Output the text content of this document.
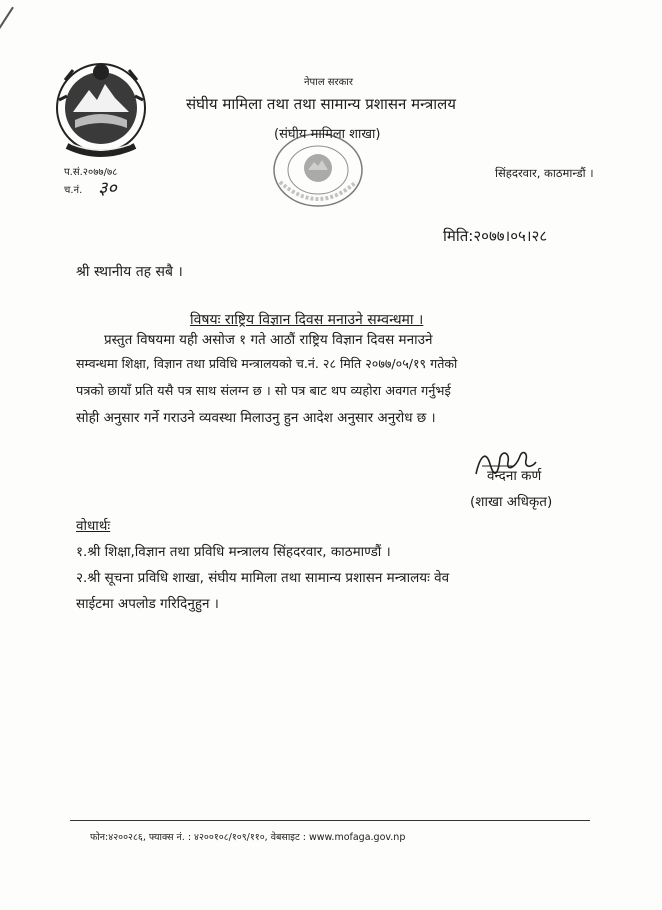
नेपाल सरकार
संघीय मामिला तथा तथा सामान्य प्रशासन मन्त्रालय
(संघीय मामिला शाखा)
प.सं.२०७७/७८
च.नं. ३०
सिंहदरवार, काठमान्डौं ।
मिति:२०७७।०५।२८
श्री स्थानीय तह सबै ।
विषयः राष्ट्रिय विज्ञान दिवस मनाउने सम्वन्धमा ।
प्रस्तुत विषयमा यही असोज १ गते आठौं राष्ट्रिय विज्ञान दिवस मनाउने
सम्वन्धमा शिक्षा, विज्ञान तथा प्रविधि मन्त्रालयको च.नं. २८ मिति २०७७/०५/१९ गतेको
पत्रको छायाँ प्रति यसै पत्र साथ संलग्न छ । सो पत्र बाट थप व्यहोरा अवगत गर्नुभई
सोही अनुसार गर्ने गराउने व्यवस्था मिलाउनु हुन आदेश अनुसार अनुरोध छ ।
वन्दना कर्ण
(शाखा अधिकृत)
वोधार्थः
१.श्री शिक्षा,विज्ञान तथा प्रविधि मन्त्रालय सिंहदरवार, काठमाण्डौं ।
२.श्री सूचना प्रविधि शाखा, संघीय मामिला तथा सामान्य प्रशासन मन्त्रालयः वेव
साईटमा अपलोड गरिदिनुहुन ।
फोन:४२००२८६, फ्याक्स नं. : ४२००१०८/१०९/११०, वेबसाइट : www.mofaga.gov.np
